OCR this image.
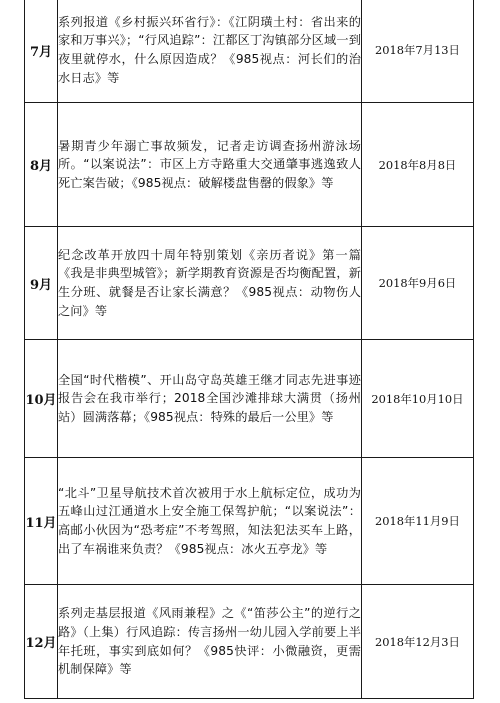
7月	系列报道《乡村振兴环省行》：《江阴璜土村：省出来的家和万事兴》；“行风追踪”：江都区丁沟镇部分区域一到夜里就停水，什么原因造成？《985视点：河长们的治水日志》等	2018年7月13日
8月	暑期青少年溺亡事故频发，记者走访调查扬州游泳场所。“以案说法”：市区上方寺路重大交通肇事逃逸致人死亡案告破；《985视点：破解楼盘售罄的假象》等	2018年8月8日
9月	纪念改革开放四十周年特别策划《亲历者说》第一篇《我是非典型城管》；新学期教育资源是否均衡配置，新生分班、就餐是否让家长满意？《985视点：动物伤人之问》等	2018年9月6日
10月	全国“时代楷模”、开山岛守岛英雄王继才同志先进事迹报告会在我市举行；2018全国沙滩排球大满贯（扬州站）圆满落幕；《985视点：特殊的最后一公里》等	2018年10月10日
11月	“北斗”卫星导航技术首次被用于水上航标定位，成功为五峰山过江通道水上安全施工保驾护航；“以案说法”：高邮小伙因为“恐考症”不考驾照，知法犯法买车上路，出了车祸谁来负责？《985视点：冰火五亭龙》等	2018年11月9日
12月	系列走基层报道《风雨兼程》之《“笛莎公主”的逆行之路》（上集）行风追踪：传言扬州一幼儿园入学前要上半年托班，事实到底如何？《985快评：小微融资，更需机制保障》等	2018年12月3日
